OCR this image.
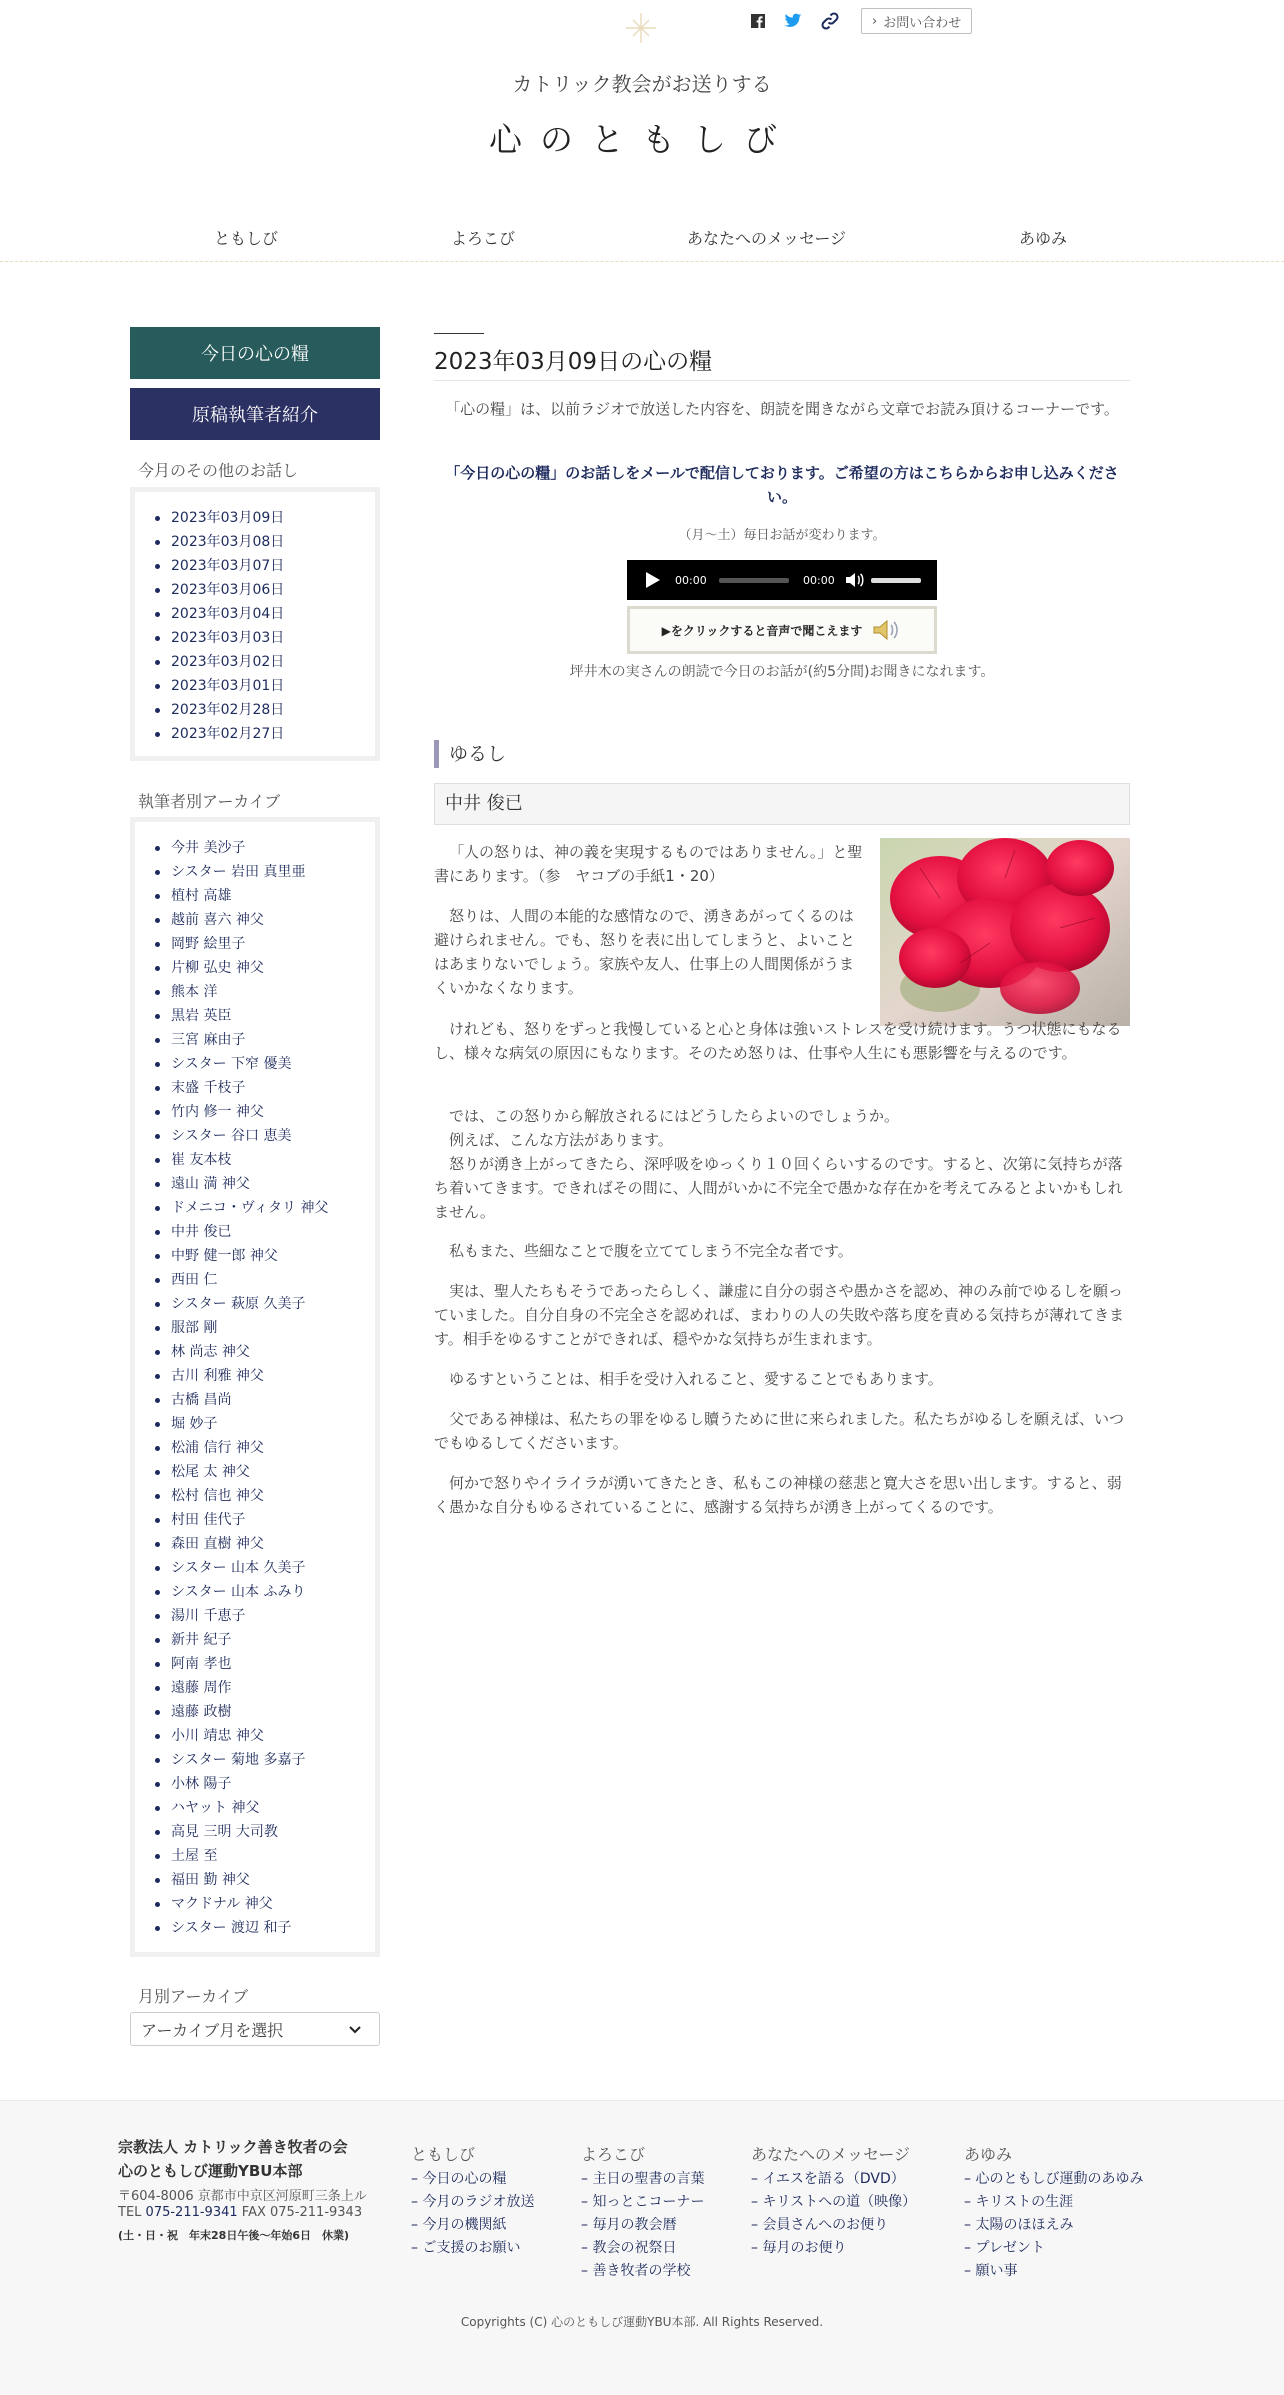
› お問い合わせ
カトリック教会がお送りする
心のともしび
ともしび	よろこび	あなたへのメッセージ	あゆみ
今日の心の糧
原稿執筆者紹介
今月のその他のお話し
2023年03月09日
2023年03月08日
2023年03月07日
2023年03月06日
2023年03月04日
2023年03月03日
2023年03月02日
2023年03月01日
2023年02月28日
2023年02月27日
執筆者別アーカイブ
今井 美沙子
シスター 岩田 真里亜
植村 高雄
越前 喜六 神父
岡野 絵里子
片柳 弘史 神父
熊本 洋
黒岩 英臣
三宮 麻由子
シスター 下窄 優美
末盛 千枝子
竹内 修一 神父
シスター 谷口 恵美
崔 友本枝
遠山 満 神父
ドメニコ・ヴィタリ 神父
中井 俊已
中野 健一郎 神父
西田 仁
シスター 萩原 久美子
服部 剛
林 尚志 神父
古川 利雅 神父
古橋 昌尚
堀 妙子
松浦 信行 神父
松尾 太 神父
松村 信也 神父
村田 佳代子
森田 直樹 神父
シスター 山本 久美子
シスター 山本 ふみり
湯川 千恵子
新井 紀子
阿南 孝也
遠藤 周作
遠藤 政樹
小川 靖忠 神父
シスター 菊地 多嘉子
小林 陽子
ハヤット 神父
高見 三明 大司教
土屋 至
福田 勤 神父
マクドナル 神父
シスター 渡辺 和子
月別アーカイブ
アーカイブ月を選択
2023年03月09日の心の糧
「心の糧」は、以前ラジオで放送した内容を、朗読を聞きながら文章でお読み頂けるコーナーです。
「今日の心の糧」のお話しをメールで配信しております。ご希望の方はこちらからお申し込みください。
（月～土）毎日お話が変わります。
00:00	00:00
▶をクリックすると音声で聞こえます
坪井木の実さんの朗読で今日のお話が(約5分間)お聞きになれます。
ゆるし
中井 俊已

「人の怒りは、神の義を実現するものではありません。」と聖書にあります。（参　ヤコブの手紙1・20）

怒りは、人間の本能的な感情なので、湧きあがってくるのは避けられません。でも、怒りを表に出してしまうと、よいことはあまりないでしょう。家族や友人、仕事上の人間関係がうまくいかなくなります。

けれども、怒りをずっと我慢していると心と身体は強いストレスを受け続けます。うつ状態にもなるし、様々な病気の原因にもなります。そのため怒りは、仕事や人生にも悪影響を与えるのです。

では、この怒りから解放されるにはどうしたらよいのでしょうか。

例えば、こんな方法があります。

怒りが湧き上がってきたら、深呼吸をゆっくり１０回くらいするのです。すると、次第に気持ちが落ち着いてきます。できればその間に、人間がいかに不完全で愚かな存在かを考えてみるとよいかもしれません。

私もまた、些細なことで腹を立ててしまう不完全な者です。

実は、聖人たちもそうであったらしく、謙虚に自分の弱さや愚かさを認め、神のみ前でゆるしを願っていました。自分自身の不完全さを認めれば、まわりの人の失敗や落ち度を責める気持ちが薄れてきます。相手をゆるすことができれば、穏やかな気持ちが生まれます。

ゆるすということは、相手を受け入れること、愛することでもあります。

父である神様は、私たちの罪をゆるし贖うために世に来られました。私たちがゆるしを願えば、いつでもゆるしてくださいます。

何かで怒りやイライラが湧いてきたとき、私もこの神様の慈悲と寛大さを思い出します。すると、弱く愚かな自分もゆるされていることに、感謝する気持ちが湧き上がってくるのです。

宗教法人 カトリック善き牧者の会
心のともしび運動YBU本部
〒604-8006 京都市中京区河原町三条上ル
TEL 075-211-9341 FAX 075-211-9343
(土・日・祝　年末28日午後〜年始6日　休業)
ともしび
– 今日の心の糧
– 今月のラジオ放送
– 今月の機関紙
– ご支援のお願い
よろこび
– 主日の聖書の言葉
– 知っとこコーナー
– 毎月の教会暦
– 教会の祝祭日
– 善き牧者の学校
あなたへのメッセージ
– イエスを語る（DVD）
– キリストへの道（映像）
– 会員さんへのお便り
– 毎月のお便り
あゆみ
– 心のともしび運動のあゆみ
– キリストの生涯
– 太陽のほほえみ
– プレゼント
– 願い事
Copyrights (C) 心のともしび運動YBU本部. All Rights Reserved.
